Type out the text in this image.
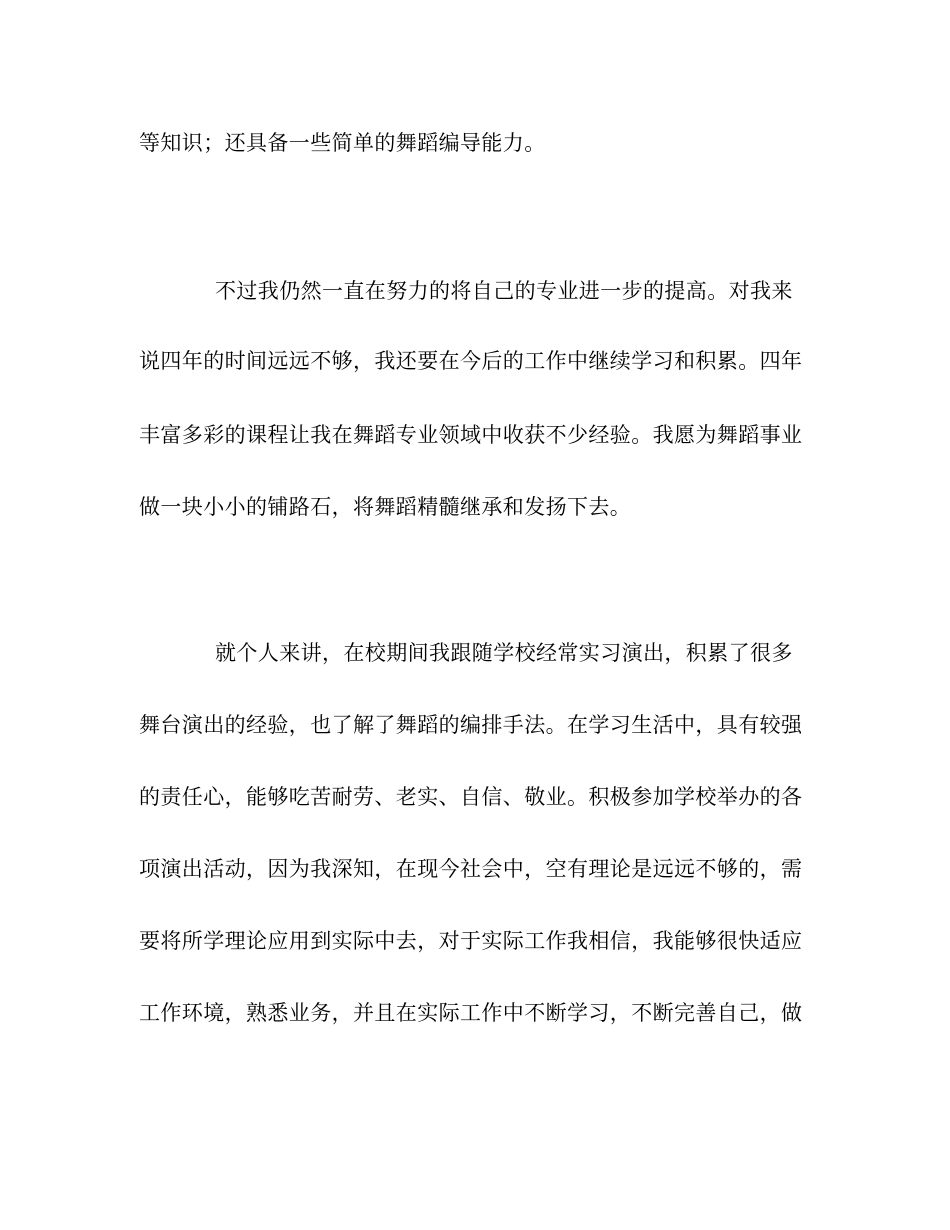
等知识；还具备一些简单的舞蹈编导能力。
不过我仍然一直在努力的将自己的专业进一步的提高。对我来
说四年的时间远远不够，我还要在今后的工作中继续学习和积累。四年
丰富多彩的课程让我在舞蹈专业领域中收获不少经验。我愿为舞蹈事业
做一块小小的铺路石，将舞蹈精髓继承和发扬下去。
就个人来讲，在校期间我跟随学校经常实习演出，积累了很多
舞台演出的经验，也了解了舞蹈的编排手法。在学习生活中，具有较强
的责任心，能够吃苦耐劳、老实、自信、敬业。积极参加学校举办的各
项演出活动，因为我深知，在现今社会中，空有理论是远远不够的，需
要将所学理论应用到实际中去，对于实际工作我相信，我能够很快适应
工作环境，熟悉业务，并且在实际工作中不断学习，不断完善自己，做
